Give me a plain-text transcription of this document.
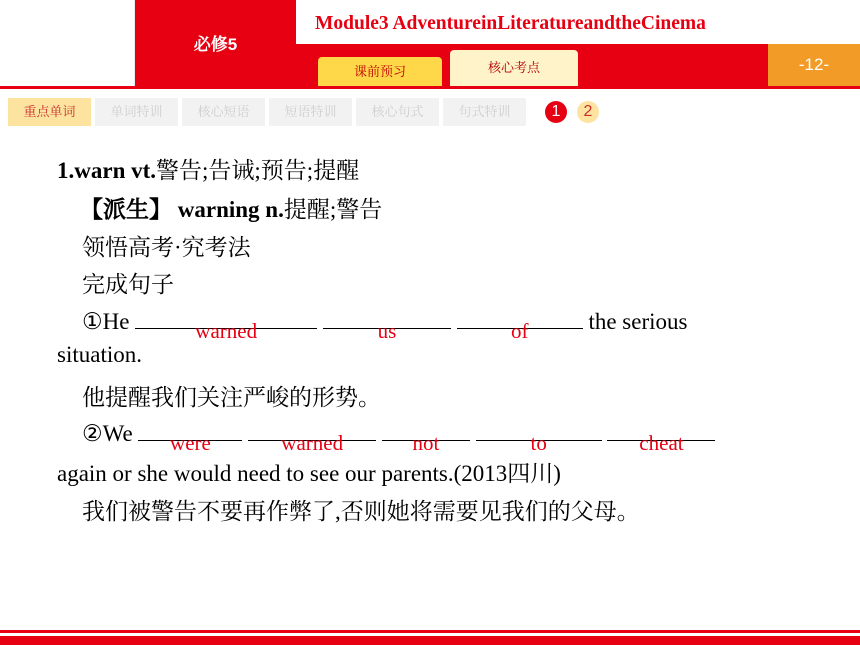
必修5
Module3 AdventureinLiteratureandtheCinema
课前预习	核心考点	-12-
重点单词	单词特训	核心短语	短语特训	核心句式	句式特训	1	2
1.warn vt.警告;告诫;预告;提醒
【派生】 warning n.提醒;警告
领悟高考·究考法
完成句子
①He	warned
	us
	of	the serious
situation.
他提醒我们关注严峻的形势。
②We	were
	warned
	not
	to
	cheat
again or she would need to see our parents.(2013四川)
我们被警告不要再作弊了,否则她将需要见我们的父母。
